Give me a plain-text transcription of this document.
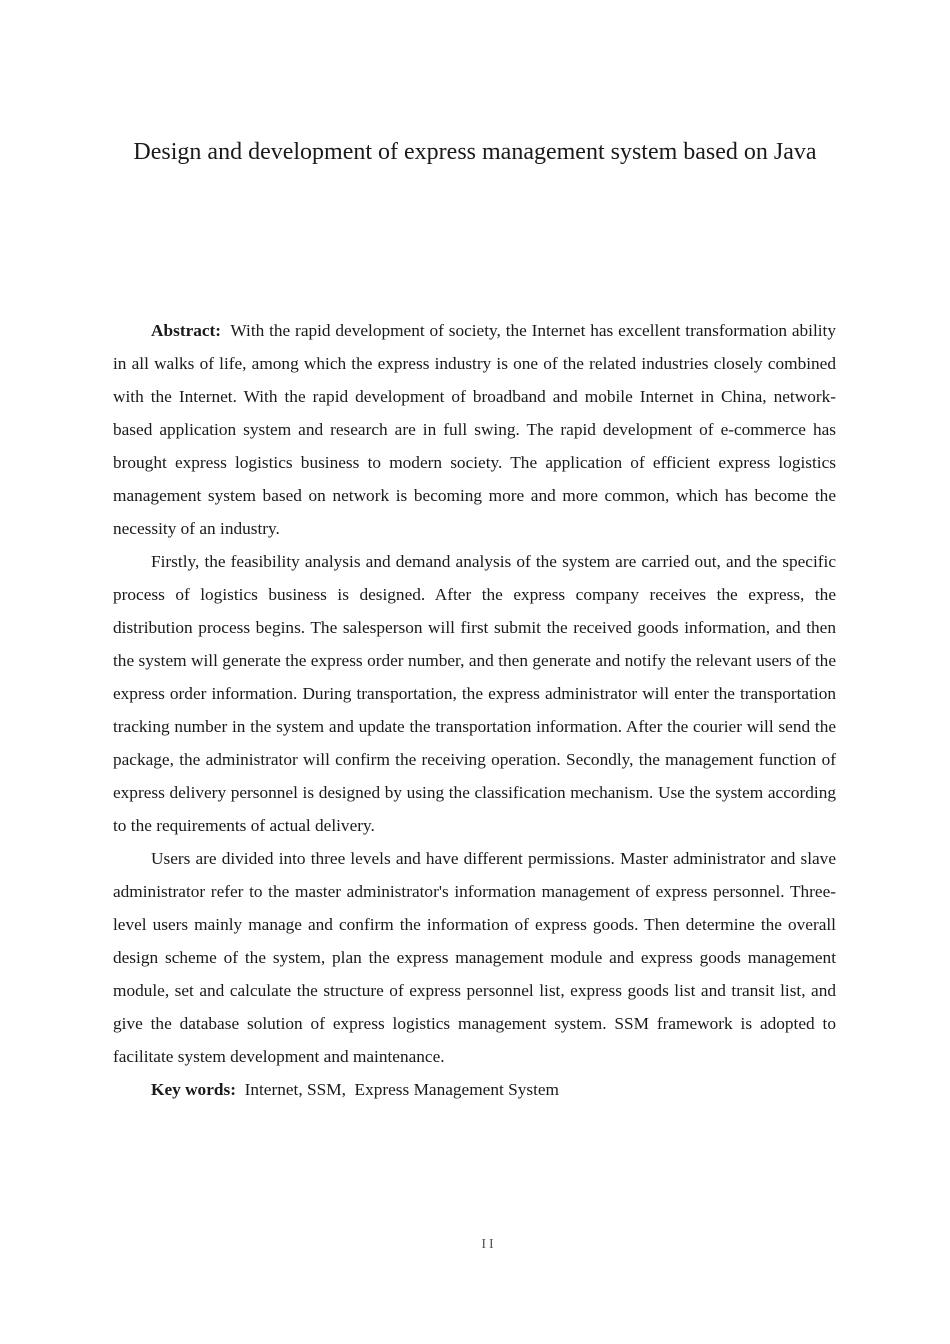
Design and development of express management system based on Java

Abstract: With the rapid development of society, the Internet has excellent transformation ability in all walks of life, among which the express industry is one of the related industries closely combined with the Internet. With the rapid development of broadband and mobile Internet in China, network-based application system and research are in full swing. The rapid development of e-commerce has brought express logistics business to modern society. The application of efficient express logistics management system based on network is becoming more and more common, which has become the necessity of an industry.

Firstly, the feasibility analysis and demand analysis of the system are carried out, and the specific process of logistics business is designed. After the express company receives the express, the distribution process begins. The salesperson will first submit the received goods information, and then the system will generate the express order number, and then generate and notify the relevant users of the express order information. During transportation, the express administrator will enter the transportation tracking number in the system and update the transportation information. After the courier will send the package, the administrator will confirm the receiving operation. Secondly, the management function of express delivery personnel is designed by using the classification mechanism. Use the system according to the requirements of actual delivery.

Users are divided into three levels and have different permissions. Master administrator and slave administrator refer to the master administrator's information management of express personnel. Three-level users mainly manage and confirm the information of express goods. Then determine the overall design scheme of the system, plan the express management module and express goods management module, set and calculate the structure of express personnel list, express goods list and transit list, and give the database solution of express logistics management system. SSM framework is adopted to facilitate system development and maintenance.

Key words: Internet, SSM,  Express Management System

II
